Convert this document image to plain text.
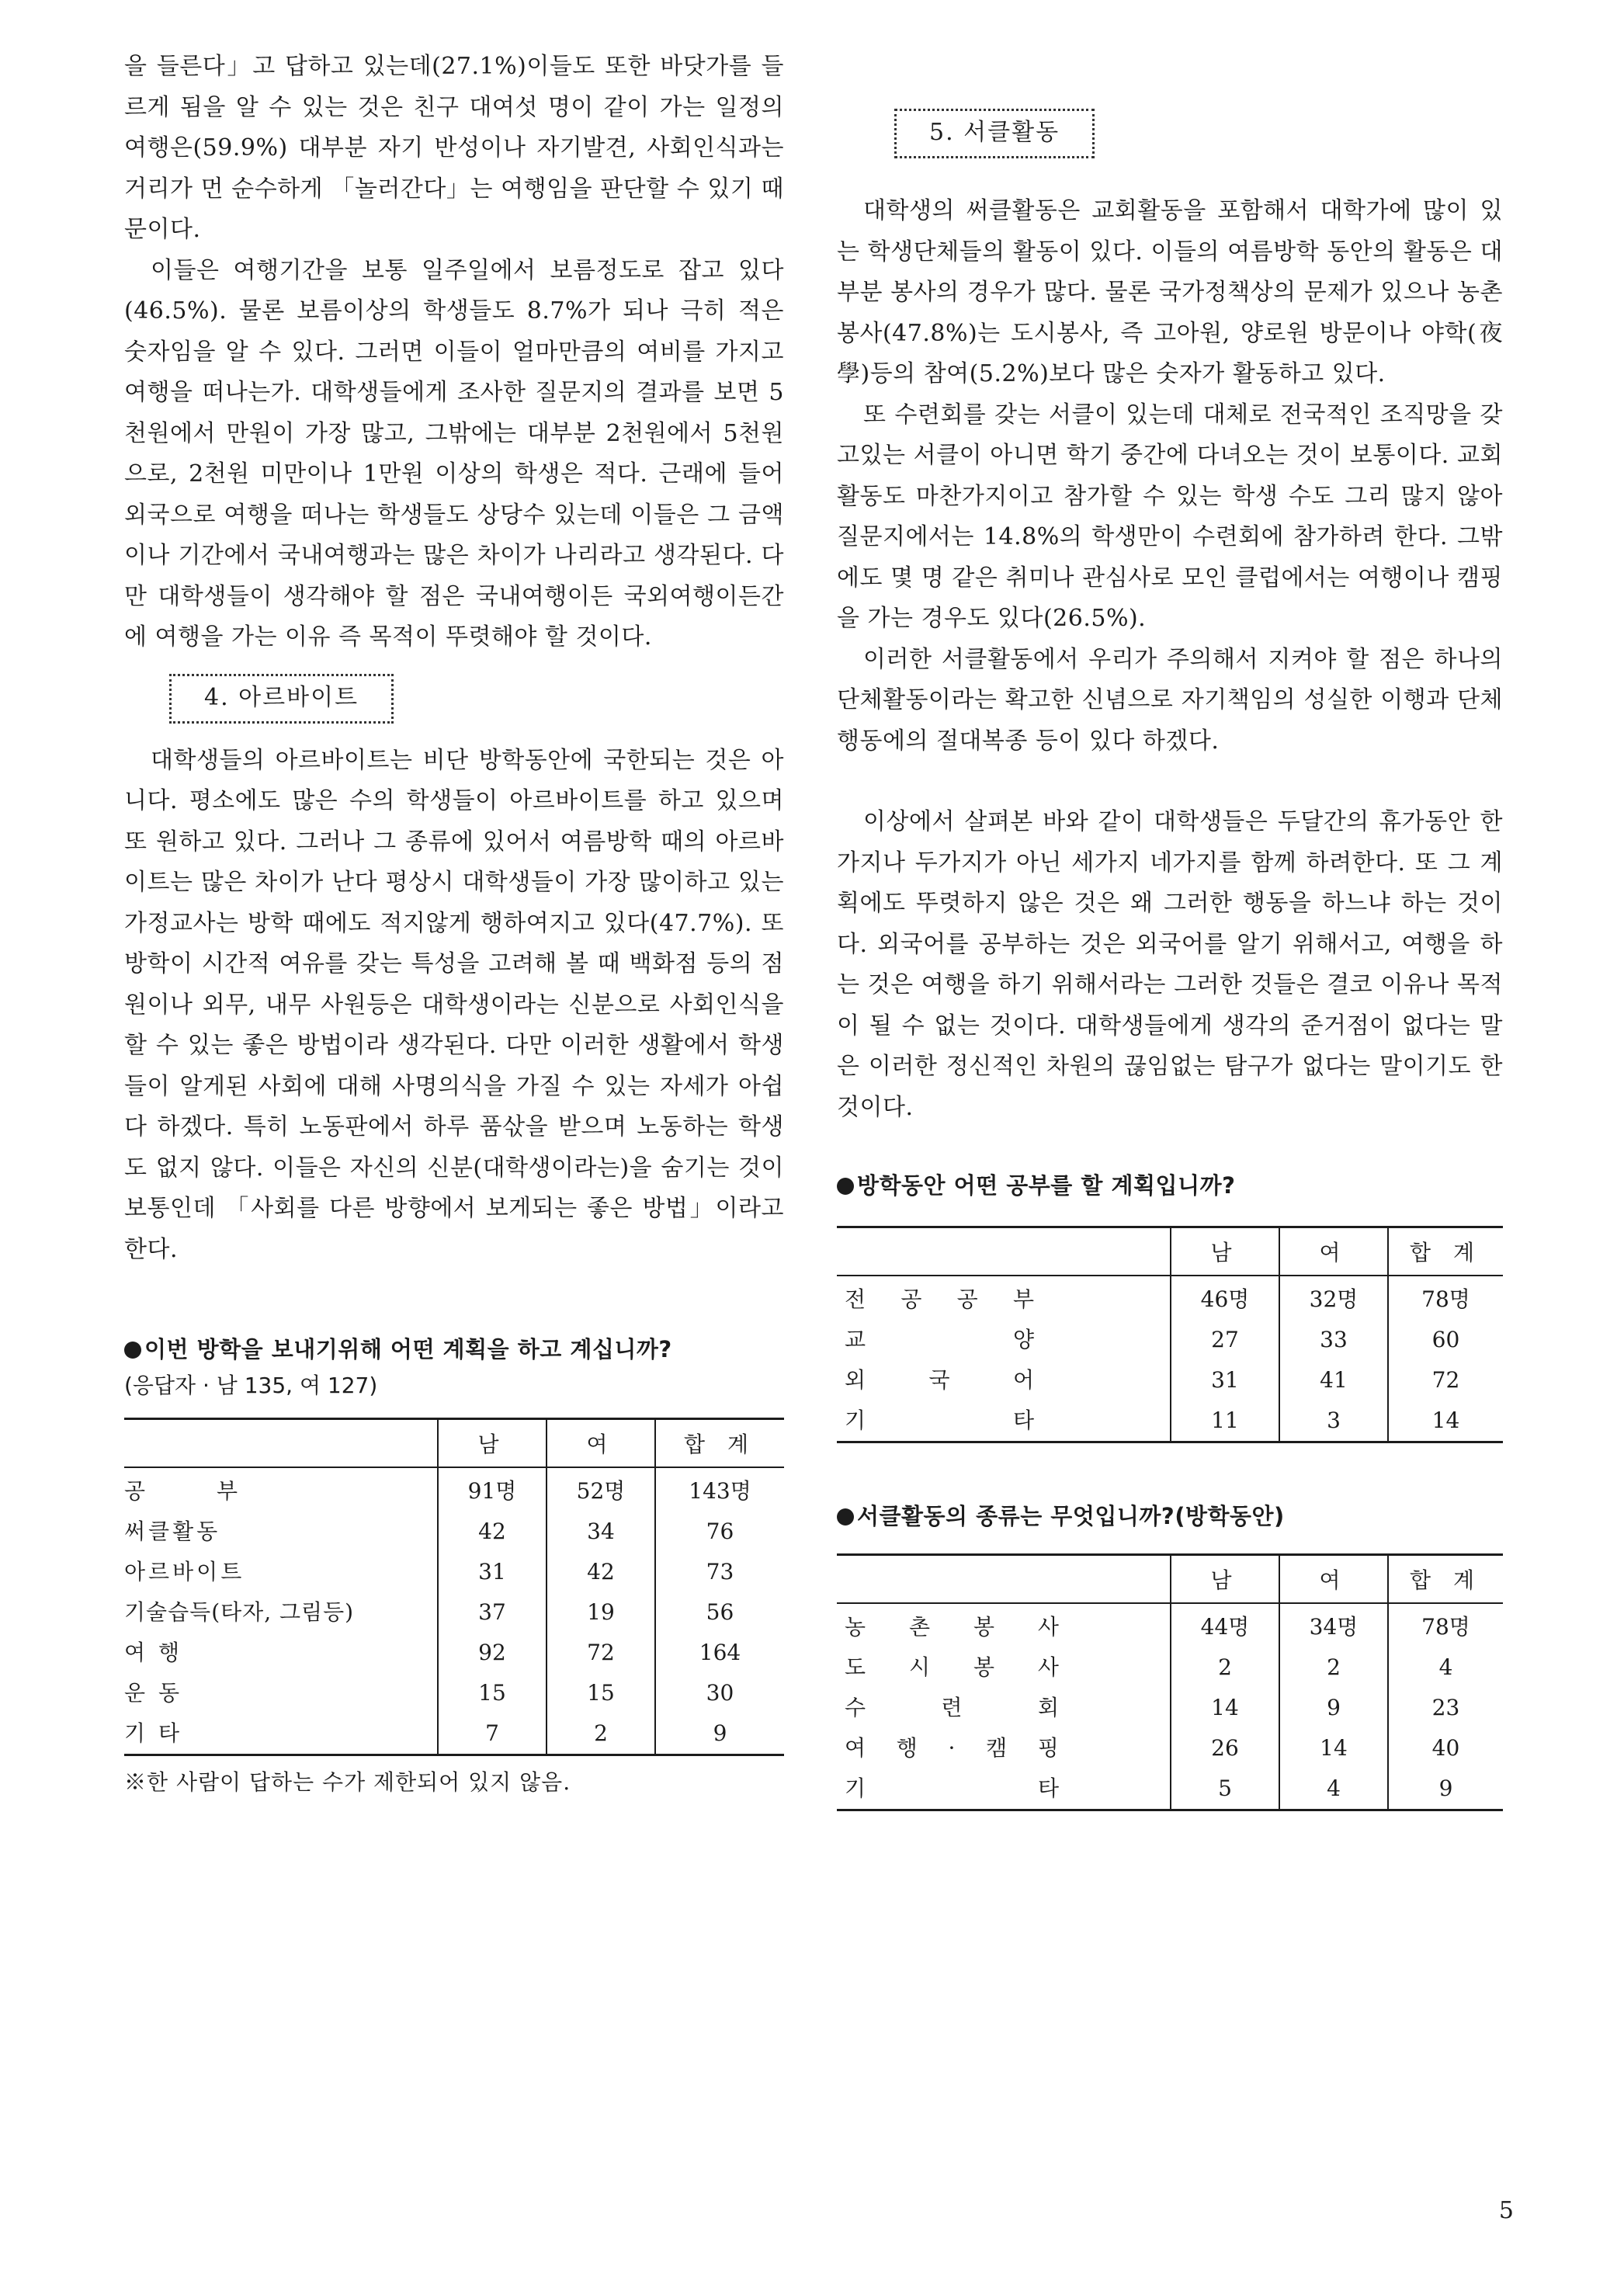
을 들른다」고 답하고 있는데(27.1%)이들도 또한 바닷가를 들르게 됨을 알 수 있는 것은 친구 대여섯 명이 같이 가는 일정의 여행은(59.9%) 대부분 자기 반성이나 자기발견, 사회인식과는 거리가 먼 순수하게 「놀러간다」는 여행임을 판단할 수 있기 때문이다.

이들은 여행기간을 보통 일주일에서 보름정도로 잡고 있다(46.5%). 물론 보름이상의 학생들도 8.7%가 되나 극히 적은 숫자임을 알 수 있다. 그러면 이들이 얼마만큼의 여비를 가지고 여행을 떠나는가. 대학생들에게 조사한 질문지의 결과를 보면 5천원에서 만원이 가장 많고, 그밖에는 대부분 2천원에서 5천원으로, 2천원 미만이나 1만원 이상의 학생은 적다. 근래에 들어 외국으로 여행을 떠나는 학생들도 상당수 있는데 이들은 그 금액이나 기간에서 국내여행과는 많은 차이가 나리라고 생각된다. 다만 대학생들이 생각해야 할 점은 국내여행이든 국외여행이든간에 여행을 가는 이유 즉 목적이 뚜렷해야 할 것이다.

4. 아르바이트

대학생들의 아르바이트는 비단 방학동안에 국한되는 것은 아니다. 평소에도 많은 수의 학생들이 아르바이트를 하고 있으며 또 원하고 있다. 그러나 그 종류에 있어서 여름방학 때의 아르바이트는 많은 차이가 난다 평상시 대학생들이 가장 많이하고 있는 가정교사는 방학 때에도 적지않게 행하여지고 있다(47.7%). 또 방학이 시간적 여유를 갖는 특성을 고려해 볼 때 백화점 등의 점원이나 외무, 내무 사원등은 대학생이라는 신분으로 사회인식을 할 수 있는 좋은 방법이라 생각된다. 다만 이러한 생활에서 학생들이 알게된 사회에 대해 사명의식을 가질 수 있는 자세가 아쉽다 하겠다. 특히 노동판에서 하루 품삯을 받으며 노동하는 학생도 없지 않다. 이들은 자신의 신분(대학생이라는)을 숨기는 것이 보통인데 「사회를 다른 방향에서 보게되는 좋은 방법」이라고 한다.

이번 방학을 보내기위해 어떤 계획을 하고 계십니까?

(응답자 · 남 135, 여 127)

	남	여	합 계

공 부	91명	52명	143명
써클활동	42	34	76
아르바이트	31	42	73
기술습득(타자, 그림등)	37	19	56
여 행	92	72	164
운 동	15	15	30
기 타	7	2	9

※한 사람이 답하는 수가 제한되어 있지 않음.

5. 서클활동

대학생의 써클활동은 교회활동을 포함해서 대학가에 많이 있는 학생단체들의 활동이 있다. 이들의 여름방학 동안의 활동은 대부분 봉사의 경우가 많다. 물론 국가정책상의 문제가 있으나 농촌봉사(47.8%)는 도시봉사, 즉 고아원, 양로원 방문이나 야학(夜學)등의 참여(5.2%)보다 많은 숫자가 활동하고 있다.

또 수련회를 갖는 서클이 있는데 대체로 전국적인 조직망을 갖고있는 서클이 아니면 학기 중간에 다녀오는 것이 보통이다. 교회 활동도 마찬가지이고 참가할 수 있는 학생 수도 그리 많지 않아 질문지에서는 14.8%의 학생만이 수련회에 참가하려 한다. 그밖에도 몇 명 같은 취미나 관심사로 모인 클럽에서는 여행이나 캠핑을 가는 경우도 있다(26.5%).

이러한 서클활동에서 우리가 주의해서 지켜야 할 점은 하나의 단체활동이라는 확고한 신념으로 자기책임의 성실한 이행과 단체행동에의 절대복종 등이 있다 하겠다.

이상에서 살펴본 바와 같이 대학생들은 두달간의 휴가동안 한가지나 두가지가 아닌 세가지 네가지를 함께 하려한다. 또 그 계획에도 뚜렷하지 않은 것은 왜 그러한 행동을 하느냐 하는 것이다. 외국어를 공부하는 것은 외국어를 알기 위해서고, 여행을 하는 것은 여행을 하기 위해서라는 그러한 것들은 결코 이유나 목적이 될 수 없는 것이다. 대학생들에게 생각의 준거점이 없다는 말은 이러한 정신적인 차원의 끊임없는 탐구가 없다는 말이기도 한 것이다.

방학동안 어떤 공부를 할 계획입니까?

	남	여	합 계

전 공 공 부	46명	32명	78명

교 양	27	33	60

외 국 어	31	41	72

기 타	11	3	14

서클활동의 종류는 무엇입니까?(방학동안)

	남	여	합 계

농 촌 봉 사	44명	34명	78명

도 시 봉 사	2	2	4

수 련 회	14	9	23

여 행 · 캠 핑	26	14	40

기 타	5	4	9
5
